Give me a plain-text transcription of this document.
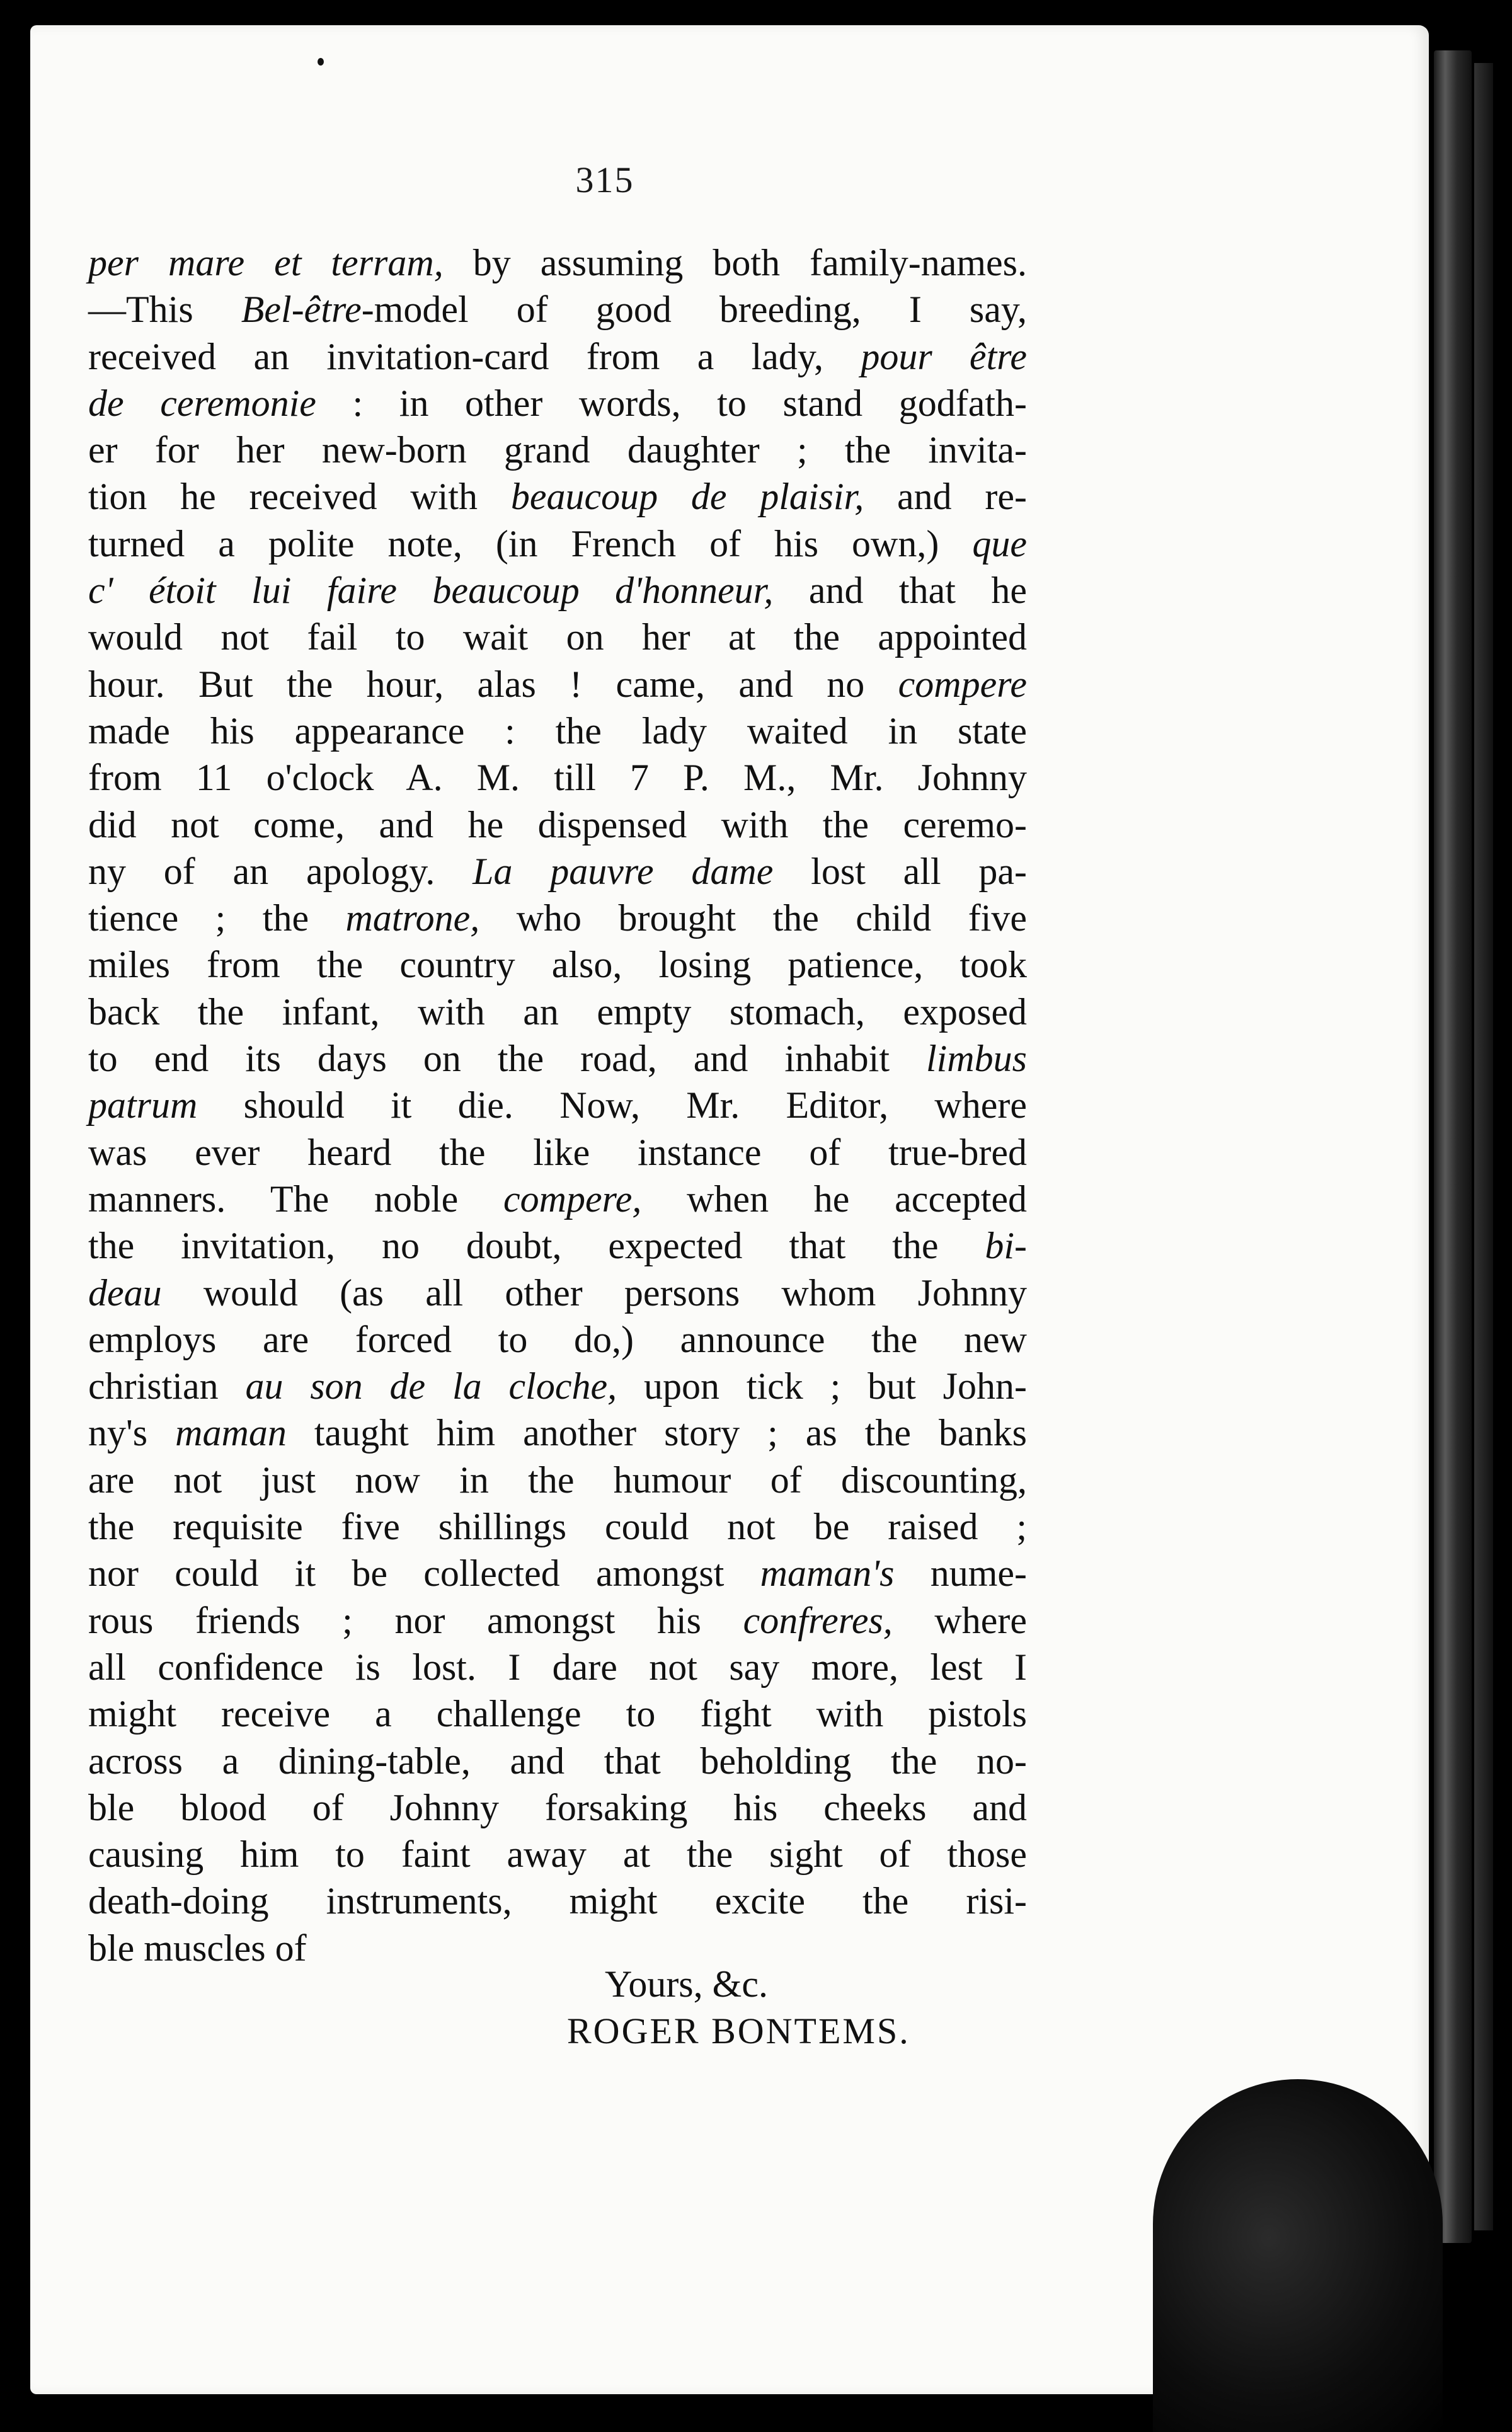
315
per mare et terram, by assuming both family-names.
—This Bel-être-model of good breeding, I say,
received an invitation-card from a lady, pour être
de ceremonie : in other words, to stand godfath-
er for her new-born grand daughter ; the invita-
tion he received with beaucoup de plaisir, and re-
turned a polite note, (in French of his own,) que
c' étoit lui faire beaucoup d'honneur, and that he
would not fail to wait on her at the appointed
hour. But the hour, alas ! came, and no compere
made his appearance : the lady waited in state
from 11 o'clock A. M. till 7 P. M., Mr. Johnny
did not come, and he dispensed with the ceremo-
ny of an apology. La pauvre dame lost all pa-
tience ; the matrone, who brought the child five
miles from the country also, losing patience, took
back the infant, with an empty stomach, exposed
to end its days on the road, and inhabit limbus
patrum should it die. Now, Mr. Editor, where
was ever heard the like instance of true-bred
manners. The noble compere, when he accepted
the invitation, no doubt, expected that the bi-
deau would (as all other persons whom Johnny
employs are forced to do,) announce the new
christian au son de la cloche, upon tick ; but John-
ny's maman taught him another story ; as the banks
are not just now in the humour of discounting,
the requisite five shillings could not be raised ;
nor could it be collected amongst maman's nume-
rous friends ; nor amongst his confreres, where
all confidence is lost. I dare not say more, lest I
might receive a challenge to fight with pistols
across a dining-table, and that beholding the no-
ble blood of Johnny forsaking his cheeks and
causing him to faint away at the sight of those
death-doing instruments, might excite the risi-
ble muscles of
Yours, &c.
ROGER BONTEMS.
